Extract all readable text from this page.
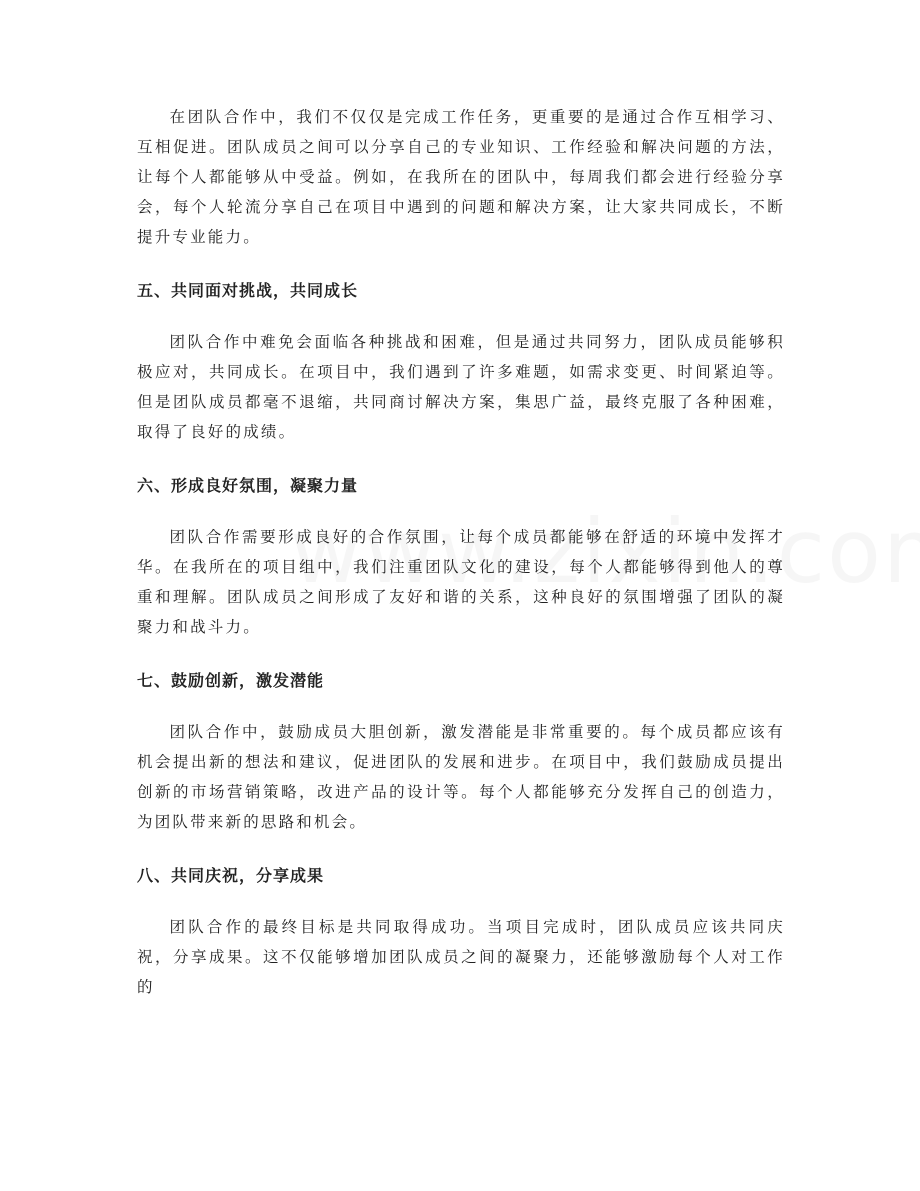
在团队合作中，我们不仅仅是完成工作任务，更重要的是通过合作互相学习、互相促进。团队成员之间可以分享自己的专业知识、工作经验和解决问题的方法，让每个人都能够从中受益。例如，在我所在的团队中，每周我们都会进行经验分享会，每个人轮流分享自己在项目中遇到的问题和解决方案，让大家共同成长，不断提升专业能力。

五、共同面对挑战，共同成长

团队合作中难免会面临各种挑战和困难，但是通过共同努力，团队成员能够积极应对，共同成长。在项目中，我们遇到了许多难题，如需求变更、时间紧迫等。但是团队成员都毫不退缩，共同商讨解决方案，集思广益，最终克服了各种困难，取得了良好的成绩。

六、形成良好氛围，凝聚力量

团队合作需要形成良好的合作氛围，让每个成员都能够在舒适的环境中发挥才华。在我所在的项目组中，我们注重团队文化的建设，每个人都能够得到他人的尊重和理解。团队成员之间形成了友好和谐的关系，这种良好的氛围增强了团队的凝聚力和战斗力。

七、鼓励创新，激发潜能

团队合作中，鼓励成员大胆创新，激发潜能是非常重要的。每个成员都应该有机会提出新的想法和建议，促进团队的发展和进步。在项目中，我们鼓励成员提出创新的市场营销策略，改进产品的设计等。每个人都能够充分发挥自己的创造力，为团队带来新的思路和机会。

八、共同庆祝，分享成果

团队合作的最终目标是共同取得成功。当项目完成时，团队成员应该共同庆祝，分享成果。这不仅能够增加团队成员之间的凝聚力，还能够激励每个人对工作的
